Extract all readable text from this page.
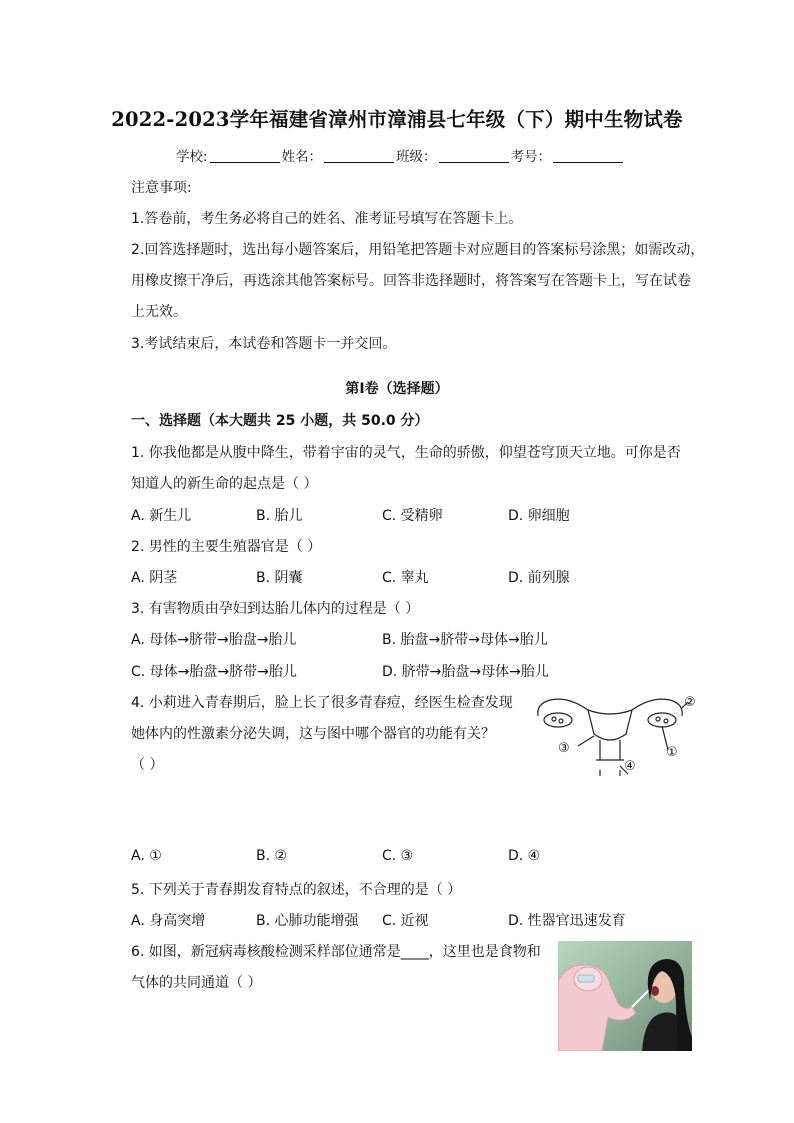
2022-2023学年福建省漳州市漳浦县七年级（下）期中生物试卷
学校:	姓名：	班级：	考号：
注意事项:
1.答卷前，考生务必将自己的姓名、准考证号填写在答题卡上。
2.回答选择题时，选出每小题答案后，用铅笔把答题卡对应题目的答案标号涂黑；如需改动，
用橡皮擦干净后，再选涂其他答案标号。回答非选择题时，将答案写在答题卡上，写在试卷
上无效。
3.考试结束后，本试卷和答题卡一并交回。
第Ⅰ卷（选择题）
一、选择题（本大题共 25 小题，共 50.0 分）
1. 你我他都是从腹中降生，带着宇宙的灵气，生命的骄傲，仰望苍穹顶天立地。可你是否
知道人的新生命的起点是（ ）
A. 新生儿	B. 胎儿	C. 受精卵	D. 卵细胞
2. 男性的主要生殖器官是（ ）
A. 阴茎	B. 阴囊	C. 睾丸	D. 前列腺
3. 有害物质由孕妇到达胎儿体内的过程是（ ）
A. 母体→脐带→胎盘→胎儿	B. 胎盘→脐带→母体→胎儿
C. 母体→胎盘→脐带→胎儿	D. 脐带→胎盘→母体→胎儿
4. 小莉进入青春期后，脸上长了很多青春痘，经医生检查发现
她体内的性激素分泌失调，这与图中哪个器官的功能有关？
（ ）
②
①
③
④
A. ①	B. ②	C. ③	D. ④
5. 下列关于青春期发育特点的叙述，不合理的是（ ）
A. 身高突增	B. 心肺功能增强 C. 近视	D. 性器官迅速发育
6. 如图，新冠病毒核酸检测采样部位通常是____，这里也是食物和
气体的共同通道（ ）
